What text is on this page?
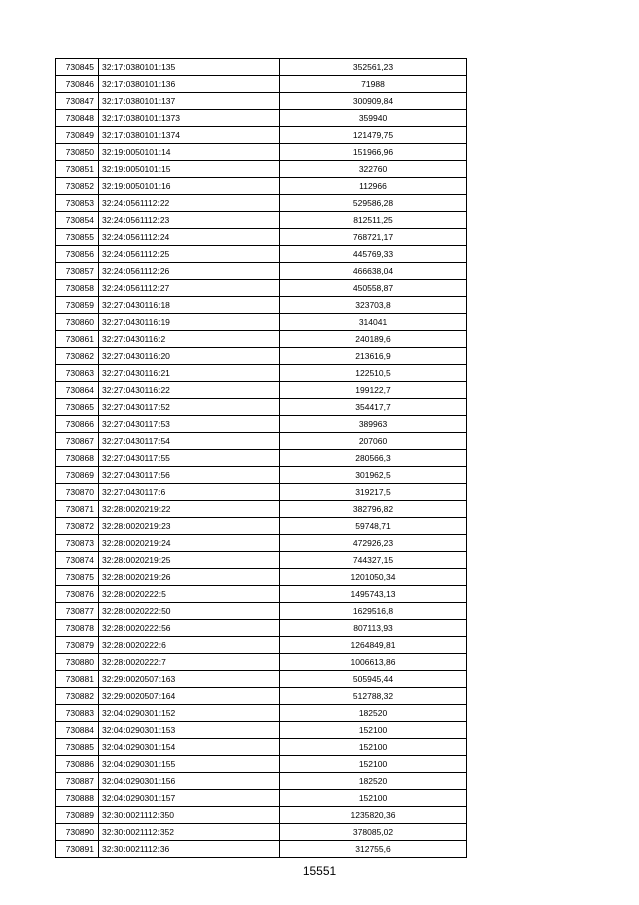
730845	32:17:0380101:135	352561,23
730846	32:17:0380101:136	71988
730847	32:17:0380101:137	300909,84
730848	32:17:0380101:1373	359940
730849	32:17:0380101:1374	121479,75
730850	32:19:0050101:14	151966,96
730851	32:19:0050101:15	322760
730852	32:19:0050101:16	112966
730853	32:24:0561112:22	529586,28
730854	32:24:0561112:23	812511,25
730855	32:24:0561112:24	768721,17
730856	32:24:0561112:25	445769,33
730857	32:24:0561112:26	466638,04
730858	32:24:0561112:27	450558,87
730859	32:27:0430116:18	323703,8
730860	32:27:0430116:19	314041
730861	32:27:0430116:2	240189,6
730862	32:27:0430116:20	213616,9
730863	32:27:0430116:21	122510,5
730864	32:27:0430116:22	199122,7
730865	32:27:0430117:52	354417,7
730866	32:27:0430117:53	389963
730867	32:27:0430117:54	207060
730868	32:27:0430117:55	280566,3
730869	32:27:0430117:56	301962,5
730870	32:27:0430117:6	319217,5
730871	32:28:0020219:22	382796,82
730872	32:28:0020219:23	59748,71
730873	32:28:0020219:24	472926,23
730874	32:28:0020219:25	744327,15
730875	32:28:0020219:26	1201050,34
730876	32:28:0020222:5	1495743,13
730877	32:28:0020222:50	1629516,8
730878	32:28:0020222:56	807113,93
730879	32:28:0020222:6	1264849,81
730880	32:28:0020222:7	1006613,86
730881	32:29:0020507:163	505945,44
730882	32:29:0020507:164	512788,32
730883	32:04:0290301:152	182520
730884	32:04:0290301:153	152100
730885	32:04:0290301:154	152100
730886	32:04:0290301:155	152100
730887	32:04:0290301:156	182520
730888	32:04:0290301:157	152100
730889	32:30:0021112:350	1235820,36
730890	32:30:0021112:352	378085,02
730891	32:30:0021112:36	312755,6
15551
